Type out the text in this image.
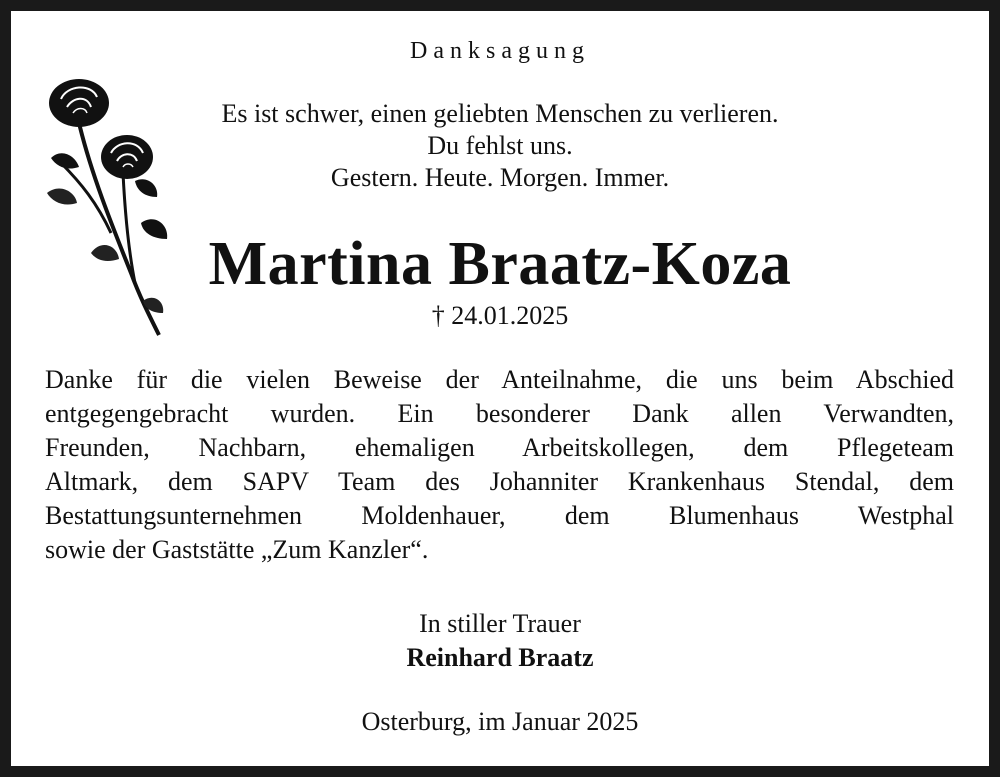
Danksagung
Es ist schwer, einen geliebten Menschen zu verlieren.
Du fehlst uns.
Gestern. Heute. Morgen. Immer.
Martina Braatz-Koza
† 24.01.2025
Danke für die vielen Beweise der Anteilnahme, die uns beim Abschied
entgegengebracht wurden. Ein besonderer Dank allen Verwandten,
Freunden, Nachbarn, ehemaligen Arbeitskollegen, dem Pflegeteam
Altmark, dem SAPV Team des Johanniter Krankenhaus Stendal, dem
Bestattungsunternehmen Moldenhauer, dem Blumenhaus Westphal
sowie der Gaststätte „Zum Kanzler“.
In stiller Trauer
Reinhard Braatz
Osterburg, im Januar 2025
